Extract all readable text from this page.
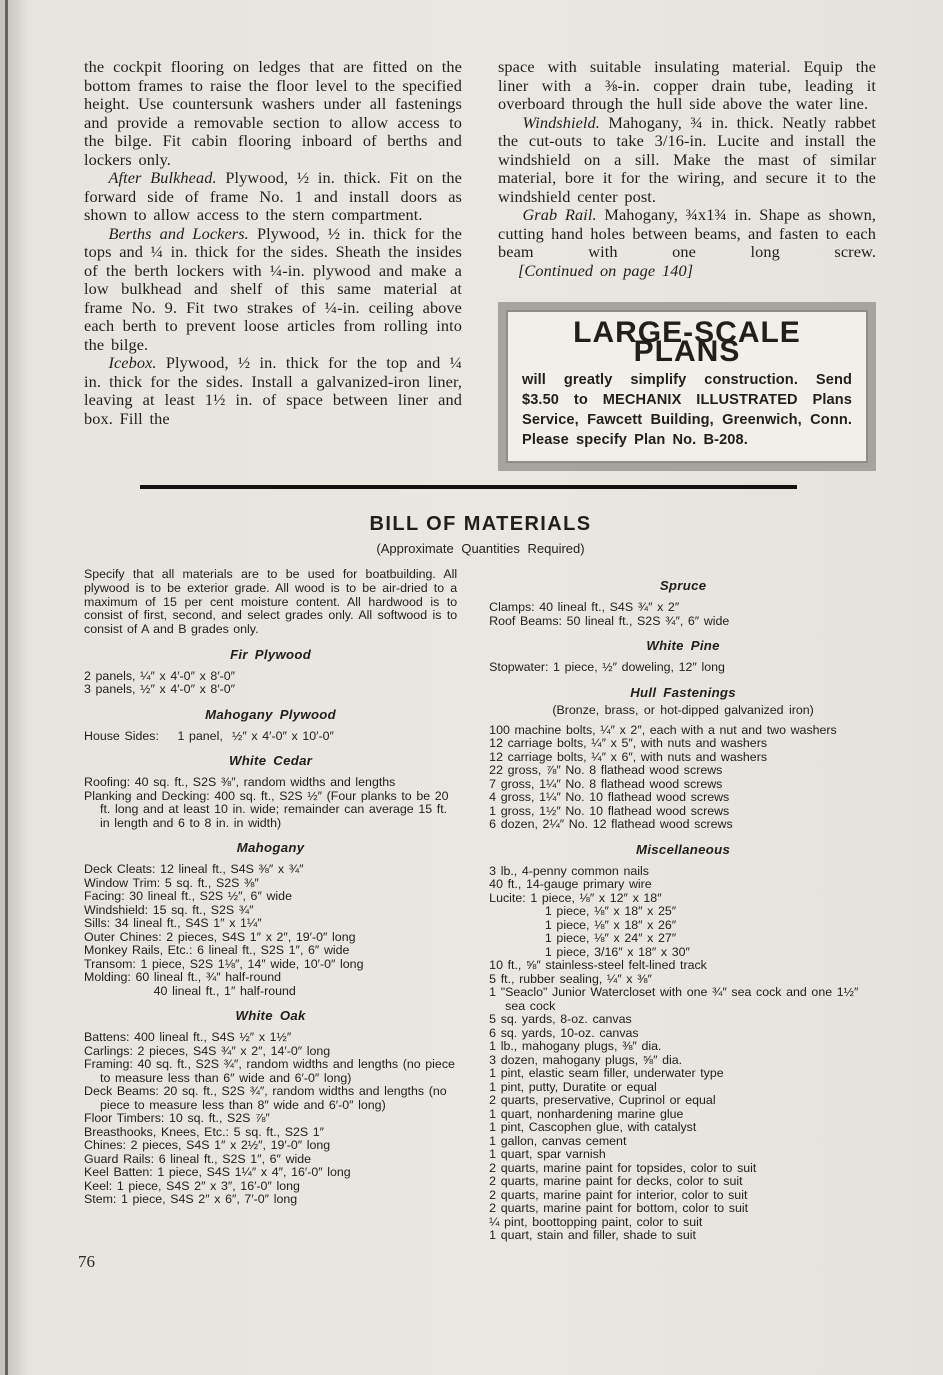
the cockpit flooring on ledges that are fitted on the bottom frames to raise the floor level to the specified height. Use countersunk washers under all fastenings and provide a removable section to allow access to the bilge. Fit cabin flooring inboard of berths and lockers only.

After Bulkhead. Plywood, ½ in. thick. Fit on the forward side of frame No. 1 and install doors as shown to allow access to the stern compartment.

Berths and Lockers. Plywood, ½ in. thick for the tops and ¼ in. thick for the sides. Sheath the insides of the berth lockers with ¼-in. plywood and make a low bulkhead and shelf of this same material at frame No. 9. Fit two strakes of ¼-in. ceiling above each berth to prevent loose articles from rolling into the bilge.

Icebox. Plywood, ½ in. thick for the top and ¼ in. thick for the sides. Install a galvanized-iron liner, leaving at least 1½ in. of space between liner and box. Fill the

space with suitable insulating material. Equip the liner with a ⅜-in. copper drain tube, leading it overboard through the hull side above the water line.

Windshield. Mahogany, ¾ in. thick. Neatly rabbet the cut-outs to take 3/16-in. Lucite and install the windshield on a sill. Make the mast of similar material, bore it for the wiring, and secure it to the windshield center post.

Grab Rail. Mahogany, ¾x1¾ in. Shape as shown, cutting hand holes between beams, and fasten to each beam with one long screw.[Continued on page 140]

LARGE-SCALE PLANS

will greatly simplify construction. Send $3.50 to MECHANIX ILLUSTRATED Plans Service, Fawcett Building, Greenwich, Conn. Please specify Plan No. B-208.

BILL OF MATERIALS
(Approximate Quantities Required)

Specify that all materials are to be used for boatbuilding. All plywood is to be exterior grade. All wood is to be air-dried to a maximum of 15 per cent moisture content. All hardwood is to consist of first, second, and select grades only. All softwood is to consist of A and B grades only.

Fir Plywood
2 panels, ¼″ x 4′-0″ x 8′-0″
3 panels, ½″ x 4′-0″ x 8′-0″
Mahogany Plywood
House Sides:    1 panel,  ½″ x 4′-0″ x 10′-0″
White Cedar
Roofing: 40 sq. ft., S2S ⅜″, random widths and lengths
Planking and Decking: 400 sq. ft., S2S ½″ (Four planks to be 20 ft. long and at least 10 in. wide; remainder can average 15 ft. in length and 6 to 8 in. in width)
Mahogany
Deck Cleats: 12 lineal ft., S4S ⅜″ x ¾″
Window Trim: 5 sq. ft., S2S ⅜″
Facing: 30 lineal ft., S2S ½″, 6″ wide
Windshield: 15 sq. ft., S2S ¾″
Sills: 34 lineal ft., S4S 1″ x 1¼″
Outer Chines: 2 pieces, S4S 1″ x 2″, 19′-0″ long
Monkey Rails, Etc.: 6 lineal ft., S2S 1″, 6″ wide
Transom: 1 piece, S2S 1⅛″, 14″ wide, 10′-0″ long
Molding: 60 lineal ft., ¾″ half-round
40 lineal ft., 1″ half-round
White Oak
Battens: 400 lineal ft., S4S ½″ x 1½″
Carlings: 2 pieces, S4S ¾″ x 2″, 14′-0″ long
Framing: 40 sq. ft., S2S ¾″, random widths and lengths (no piece to measure less than 6″ wide and 6′-0″ long)
Deck Beams: 20 sq. ft., S2S ¾″, random widths and lengths (no piece to measure less than 8″ wide and 6′-0″ long)
Floor Timbers: 10 sq. ft., S2S ⅞″
Breasthooks, Knees, Etc.: 5 sq. ft., S2S 1″
Chines: 2 pieces, S4S 1″ x 2½″, 19′-0″ long
Guard Rails: 6 lineal ft., S2S 1″, 6″ wide
Keel Batten: 1 piece, S4S 1¼″ x 4″, 16′-0″ long
Keel: 1 piece, S4S 2″ x 3″, 16′-0″ long
Stem: 1 piece, S4S 2″ x 6″, 7′-0″ long
Spruce
Clamps: 40 lineal ft., S4S ¾″ x 2″
Roof Beams: 50 lineal ft., S2S ¾″, 6″ wide
White Pine
Stopwater: 1 piece, ½″ doweling, 12″ long
Hull Fastenings
(Bronze, brass, or hot-dipped galvanized iron)
100 machine bolts, ¼″ x 2″, each with a nut and two washers
12 carriage bolts, ¼″ x 5″, with nuts and washers
12 carriage bolts, ¼″ x 6″, with nuts and washers
22 gross, ⅞″ No. 8 flathead wood screws
7 gross, 1¼″ No. 8 flathead wood screws
4 gross, 1¼″ No. 10 flathead wood screws
1 gross, 1½″ No. 10 flathead wood screws
6 dozen, 2¼″ No. 12 flathead wood screws
Miscellaneous
3 lb., 4-penny common nails
40 ft., 14-gauge primary wire
Lucite: 1 piece, ⅛″ x 12″ x 18″
1 piece, ⅛″ x 18″ x 25″
1 piece, ⅛″ x 18″ x 26″
1 piece, ⅛″ x 24″ x 27″
1 piece, 3/16″ x 18″ x 30″
10 ft., ⅝″ stainless-steel felt-lined track
5 ft., rubber sealing, ¼″ x ⅜″
1 "Seaclo" Junior Watercloset with one ¾″ sea cock and one 1½″ sea cock
5 sq. yards, 8-oz. canvas
6 sq. yards, 10-oz. canvas
1 lb., mahogany plugs, ⅜″ dia.
3 dozen, mahogany plugs, ⅝″ dia.
1 pint, elastic seam filler, underwater type
1 pint, putty, Duratite or equal
2 quarts, preservative, Cuprinol or equal
1 quart, nonhardening marine glue
1 pint, Cascophen glue, with catalyst
1 gallon, canvas cement
1 quart, spar varnish
2 quarts, marine paint for topsides, color to suit
2 quarts, marine paint for decks, color to suit
2 quarts, marine paint for interior, color to suit
2 quarts, marine paint for bottom, color to suit
¼ pint, boottopping paint, color to suit
1 quart, stain and filler, shade to suit
76
